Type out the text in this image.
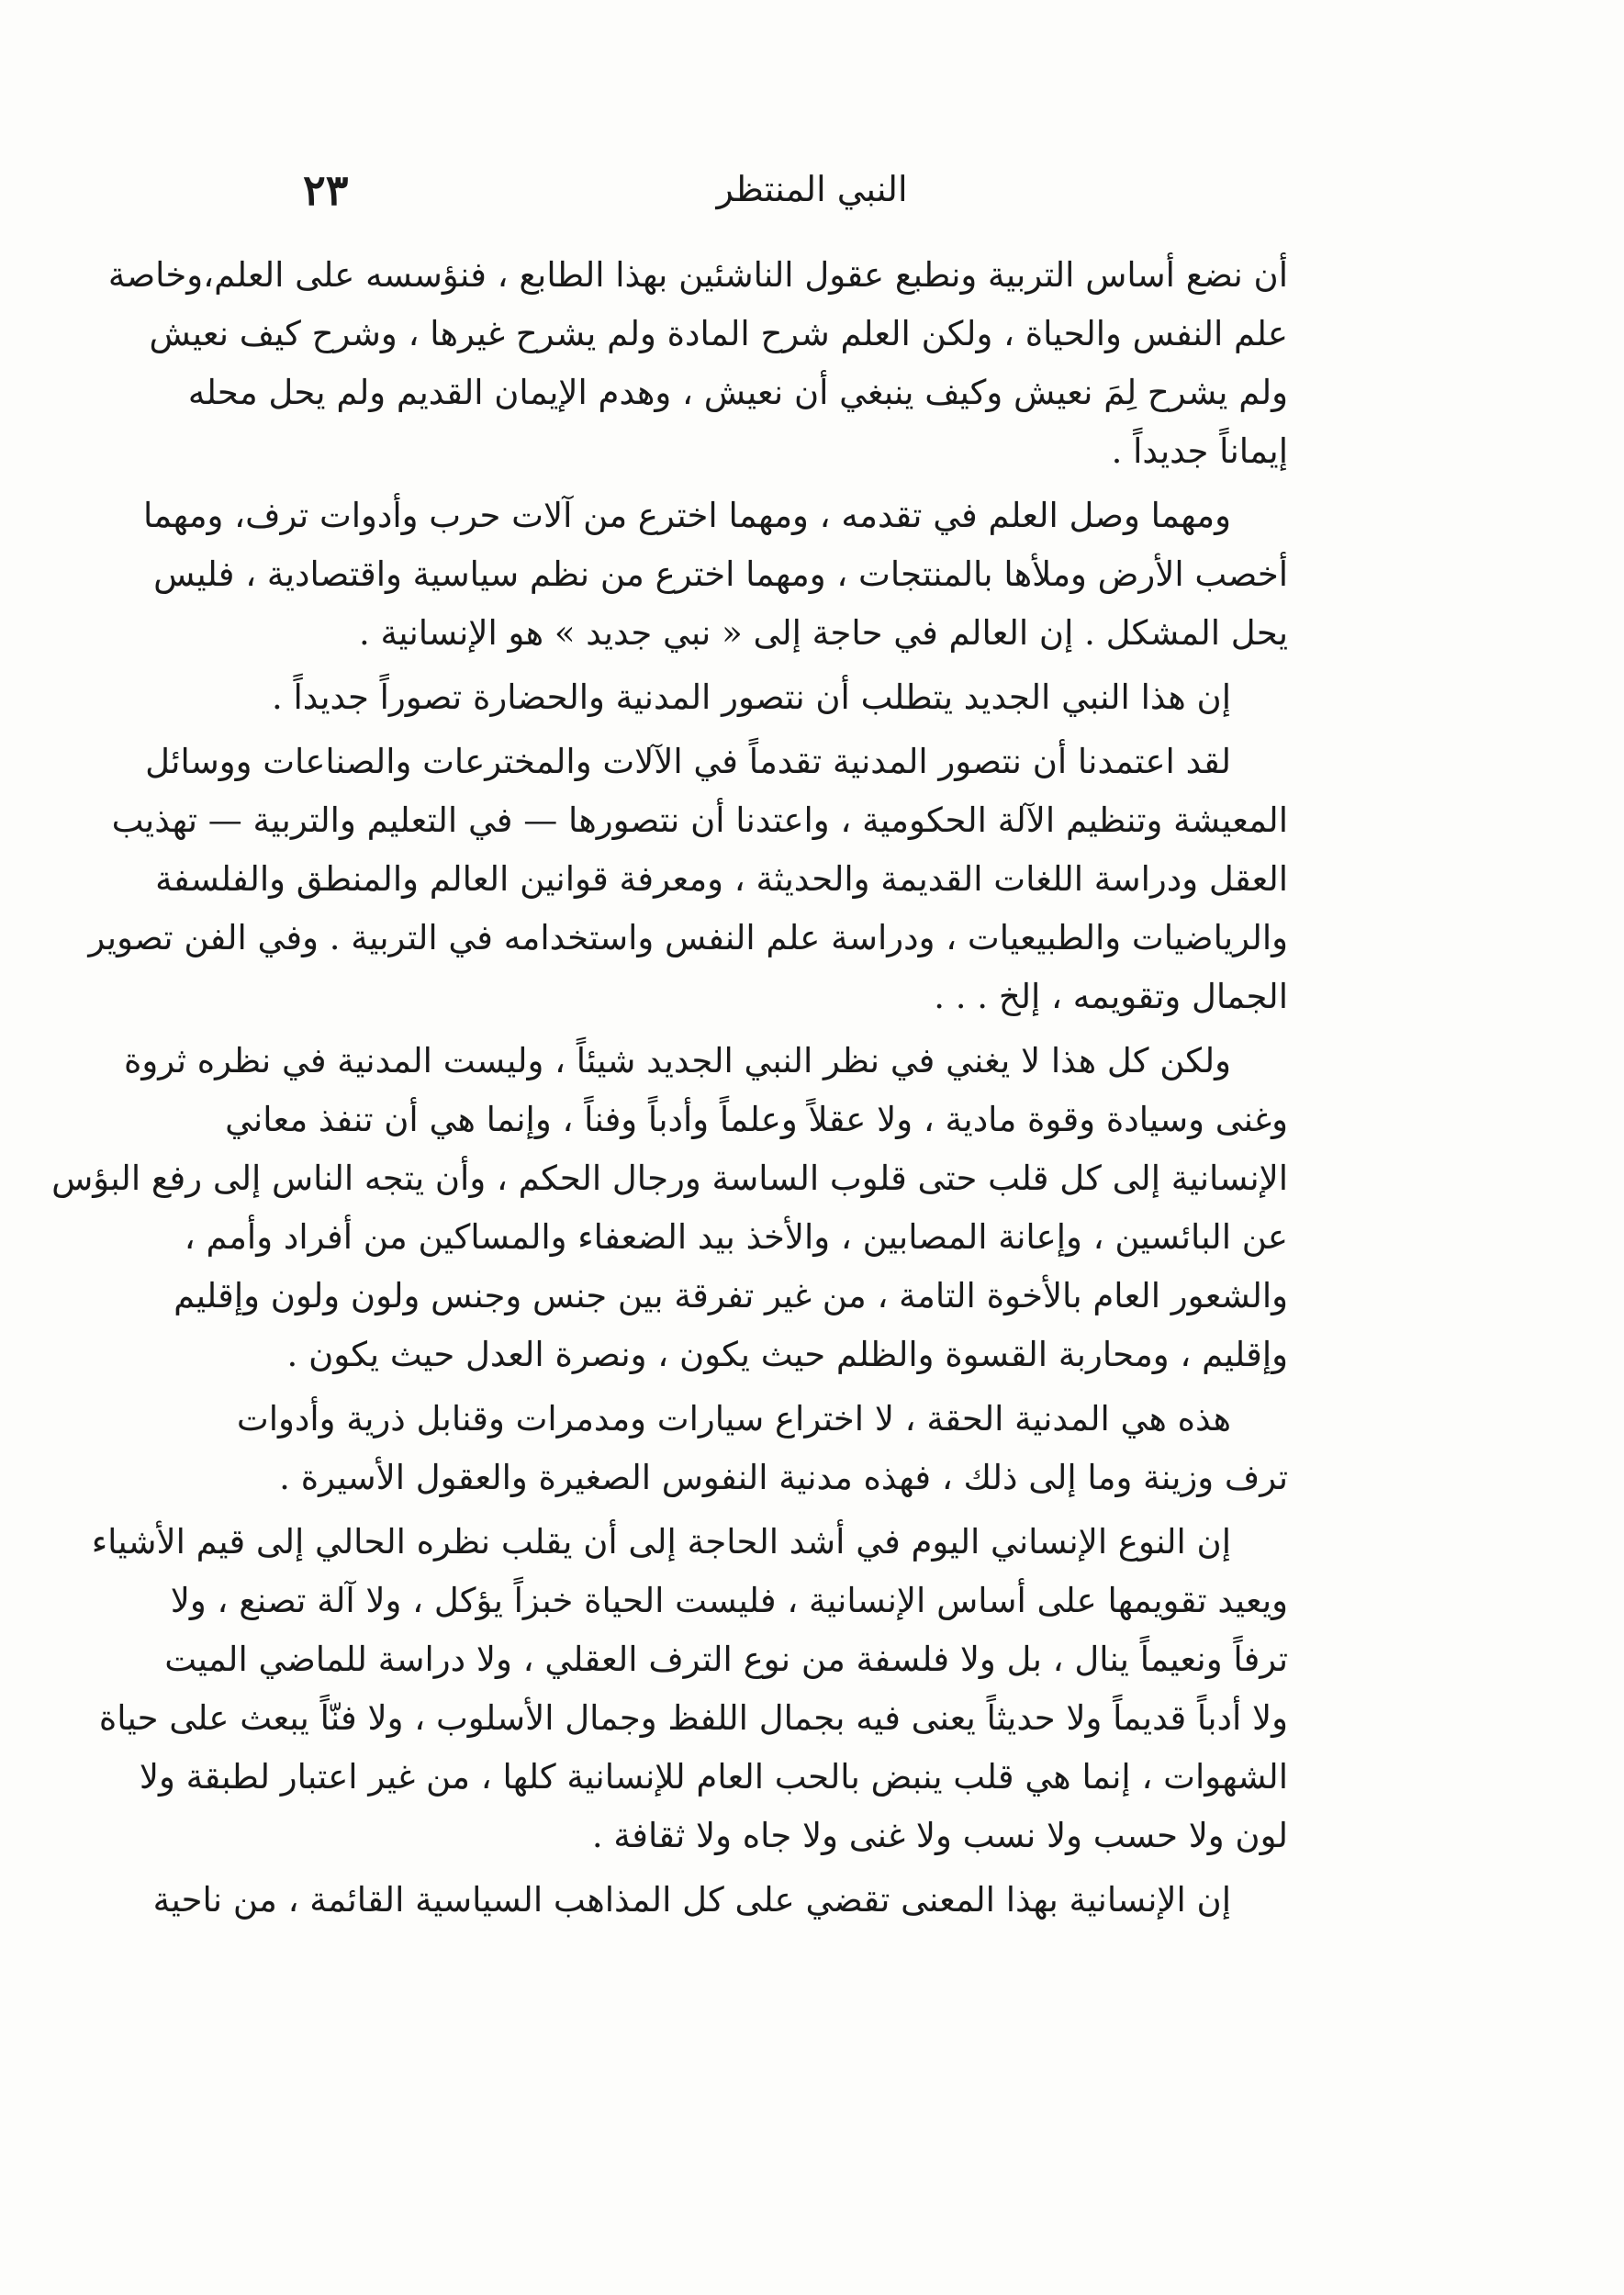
٢٣	النبي المنتظر
أن نضع أساس التربية ونطبع عقول الناشئين بهذا الطابع ، فنؤسسه على العلم،وخاصة
علم النفس والحياة ، ولكن العلم شرح المادة ولم يشرح غيرها ، وشرح كيف نعيش
ولم يشرح لِمَ نعيش وكيف ينبغي أن نعيش ، وهدم الإيمان القديم ولم يحل محله
إيماناً جديداً .
ومهما وصل العلم في تقدمه ، ومهما اخترع من آلات حرب وأدوات ترف، ومهما
أخصب الأرض وملأها بالمنتجات ، ومهما اخترع من نظم سياسية واقتصادية ، فليس
يحل المشكل . إن العالم في حاجة إلى « نبي جديد » هو الإنسانية .
إن هذا النبي الجديد يتطلب أن نتصور المدنية والحضارة تصوراً جديداً .
لقد اعتمدنا أن نتصور المدنية تقدماً في الآلات والمخترعات والصناعات ووسائل
المعيشة وتنظيم الآلة الحكومية ، واعتدنا أن نتصورها — في التعليم والتربية — تهذيب
العقل ودراسة اللغات القديمة والحديثة ، ومعرفة قوانين العالم والمنطق والفلسفة
والرياضيات والطبيعيات ، ودراسة علم النفس واستخدامه في التربية . وفي الفن تصوير
الجمال وتقويمه ، إلخ . . .
ولكن كل هذا لا يغني في نظر النبي الجديد شيئاً ، وليست المدنية في نظره ثروة
وغنى وسيادة وقوة مادية ، ولا عقلاً وعلماً وأدباً وفناً ، وإنما هي أن تنفذ معاني
الإنسانية إلى كل قلب حتى قلوب الساسة ورجال الحكم ، وأن يتجه الناس إلى رفع البؤس
عن البائسين ، وإعانة المصابين ، والأخذ بيد الضعفاء والمساكين من أفراد وأمم ،
والشعور العام بالأخوة التامة ، من غير تفرقة بين جنس وجنس ولون ولون وإقليم
وإقليم ، ومحاربة القسوة والظلم حيث يكون ، ونصرة العدل حيث يكون .
هذه هي المدنية الحقة ، لا اختراع سيارات ومدمرات وقنابل ذرية وأدوات
ترف وزينة وما إلى ذلك ، فهذه مدنية النفوس الصغيرة والعقول الأسيرة .
إن النوع الإنساني اليوم في أشد الحاجة إلى أن يقلب نظره الحالي إلى قيم الأشياء
ويعيد تقويمها على أساس الإنسانية ، فليست الحياة خبزاً يؤكل ، ولا آلة تصنع ، ولا
ترفاً ونعيماً ينال ، بل ولا فلسفة من نوع الترف العقلي ، ولا دراسة للماضي الميت
ولا أدباً قديماً ولا حديثاً يعنى فيه بجمال اللفظ وجمال الأسلوب ، ولا فنّاً يبعث على حياة
الشهوات ، إنما هي قلب ينبض بالحب العام للإنسانية كلها ، من غير اعتبار لطبقة ولا
لون ولا حسب ولا نسب ولا غنى ولا جاه ولا ثقافة .
إن الإنسانية بهذا المعنى تقضي على كل المذاهب السياسية القائمة ، من ناحية
